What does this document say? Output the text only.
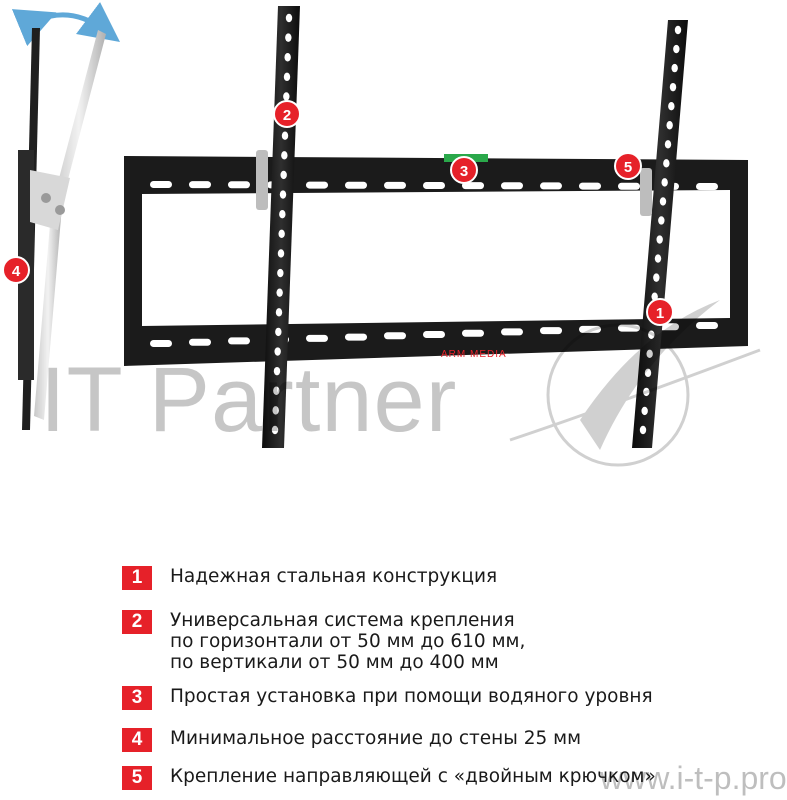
ARM MEDIA
1
2
3
4
5
IT Partner
1	Надежная стальная конструкция
2	Универсальная система крепления
по горизонтали от 50 мм до 610 мм,
по вертикали от 50 мм до 400 мм
3	Простая установка при помощи водяного уровня
4	Минимальное расстояние до стены 25 мм
5	Крепление направляющей с «двойным крючком»
www.i-t-p.pro
